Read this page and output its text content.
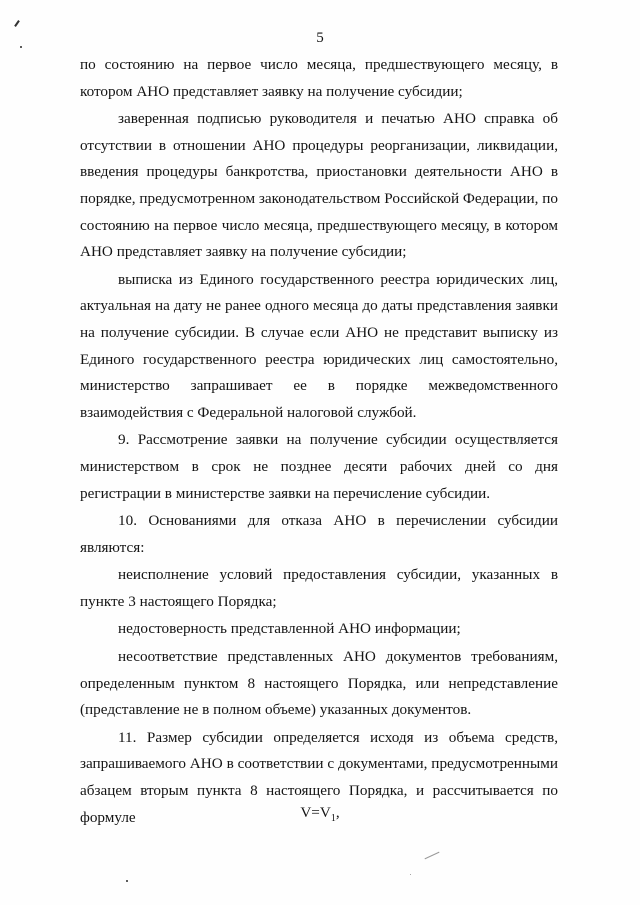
5

по состоянию на первое число месяца, предшествующего месяцу, в котором АНО представляет заявку на получение субсидии;

заверенная подписью руководителя и печатью АНО справка об отсутствии в отношении АНО процедуры реорганизации, ликвидации, введения процедуры банкротства, приостановки деятельности АНО в порядке, предусмотренном законодательством Российской Федерации, по состоянию на первое число месяца, предшествующего месяцу, в котором АНО представляет заявку на получение субсидии;

выписка из Единого государственного реестра юридических лиц, актуальная на дату не ранее одного месяца до даты представления заявки на получение субсидии. В случае если АНО не представит выписку из Единого государственного реестра юридических лиц самостоятельно, министерство запрашивает ее в порядке межведомственного взаимодействия с Федеральной налоговой службой.

9. Рассмотрение заявки на получение субсидии осуществляется министерством в срок не позднее десяти рабочих дней со дня регистрации в министерстве заявки на перечисление субсидии.

10. Основаниями для отказа АНО в перечислении субсидии являются:

неисполнение условий предоставления субсидии, указанных в пункте 3 настоящего Порядка;

недостоверность представленной АНО информации;

несоответствие представленных АНО документов требованиям, определенным пунктом 8 настоящего Порядка, или непредставление (представление не в полном объеме) указанных документов.

11. Размер субсидии определяется исходя из объема средств, запрашиваемого АНО в соответствии с документами, предусмотренными абзацем вторым пункта 8 настоящего Порядка, и рассчитывается по формуле	$V=V_1$,
